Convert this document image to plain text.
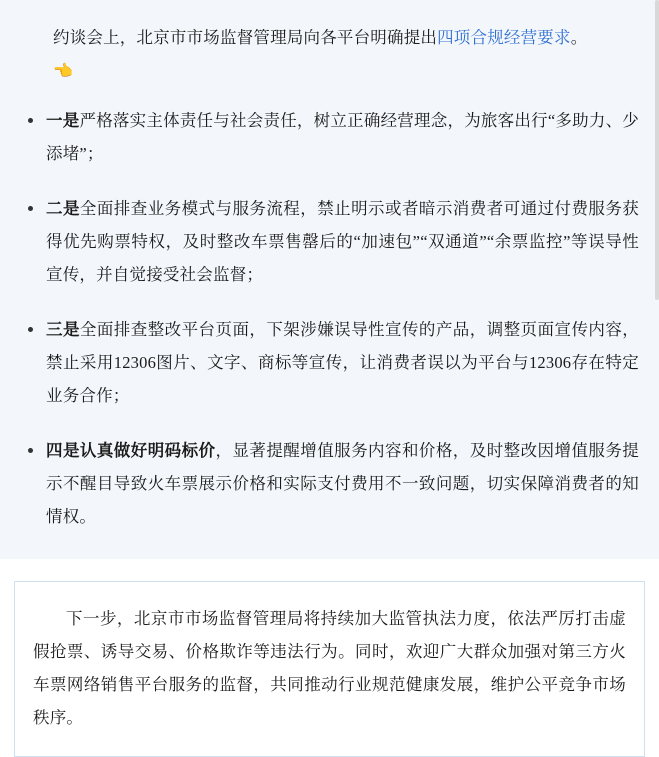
约谈会上，北京市市场监督管理局向各平台明确提出四项合规经营要求。👈

一是严格落实主体责任与社会责任，树立正确经营理念，为旅客出行“多助力、少添堵”；
二是全面排查业务模式与服务流程，禁止明示或者暗示消费者可通过付费服务获得优先购票特权，及时整改车票售罄后的“加速包”“双通道”“余票监控”等误导性宣传，并自觉接受社会监督；
三是全面排查整改平台页面，下架涉嫌误导性宣传的产品，调整页面宣传内容，禁止采用12306图片、文字、商标等宣传，让消费者误以为平台与12306存在特定业务合作；
四是认真做好明码标价，显著提醒增值服务内容和价格，及时整改因增值服务提示不醒目导致火车票展示价格和实际支付费用不一致问题，切实保障消费者的知情权。

下一步，北京市市场监督管理局将持续加大监管执法力度，依法严厉打击虚假抢票、诱导交易、价格欺诈等违法行为。同时，欢迎广大群众加强对第三方火车票网络销售平台服务的监督，共同推动行业规范健康发展，维护公平竞争市场秩序。
